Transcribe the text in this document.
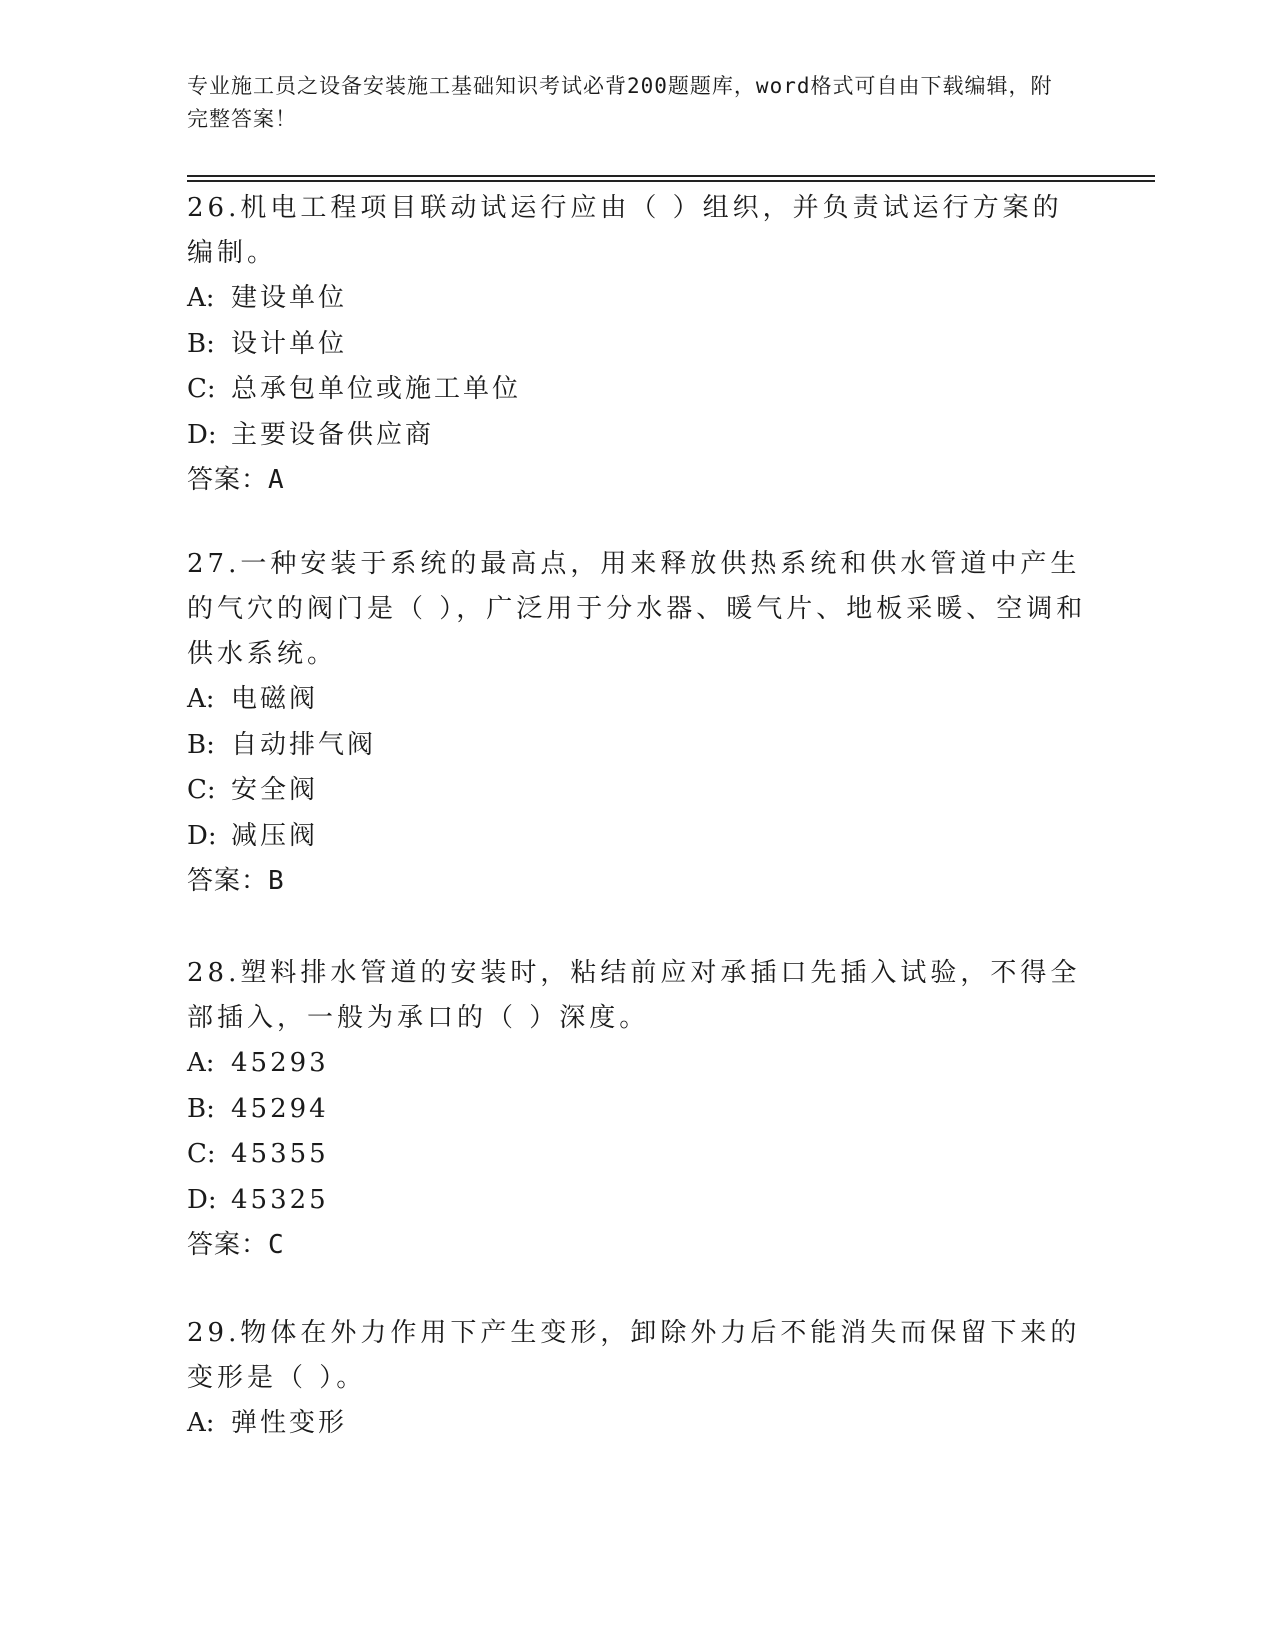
专业施工员之设备安装施工基础知识考试必背200题题库，word格式可自由下载编辑，附完整答案！

26.机电工程项目联动试运行应由（ ）组织，并负责试运行方案的编制。

A: 建设单位
B: 设计单位
C: 总承包单位或施工单位
D: 主要设备供应商
答案：A

27.一种安装于系统的最高点，用来释放供热系统和供水管道中产生的气穴的阀门是（ ），广泛用于分水器、暖气片、地板采暖、空调和供水系统。

A: 电磁阀
B: 自动排气阀
C: 安全阀
D: 减压阀
答案：B

28.塑料排水管道的安装时，粘结前应对承插口先插入试验，不得全部插入，一般为承口的（ ）深度。

A: 45293
B: 45294
C: 45355
D: 45325
答案：C

29.物体在外力作用下产生变形，卸除外力后不能消失而保留下来的变形是（ ）。

A: 弹性变形
